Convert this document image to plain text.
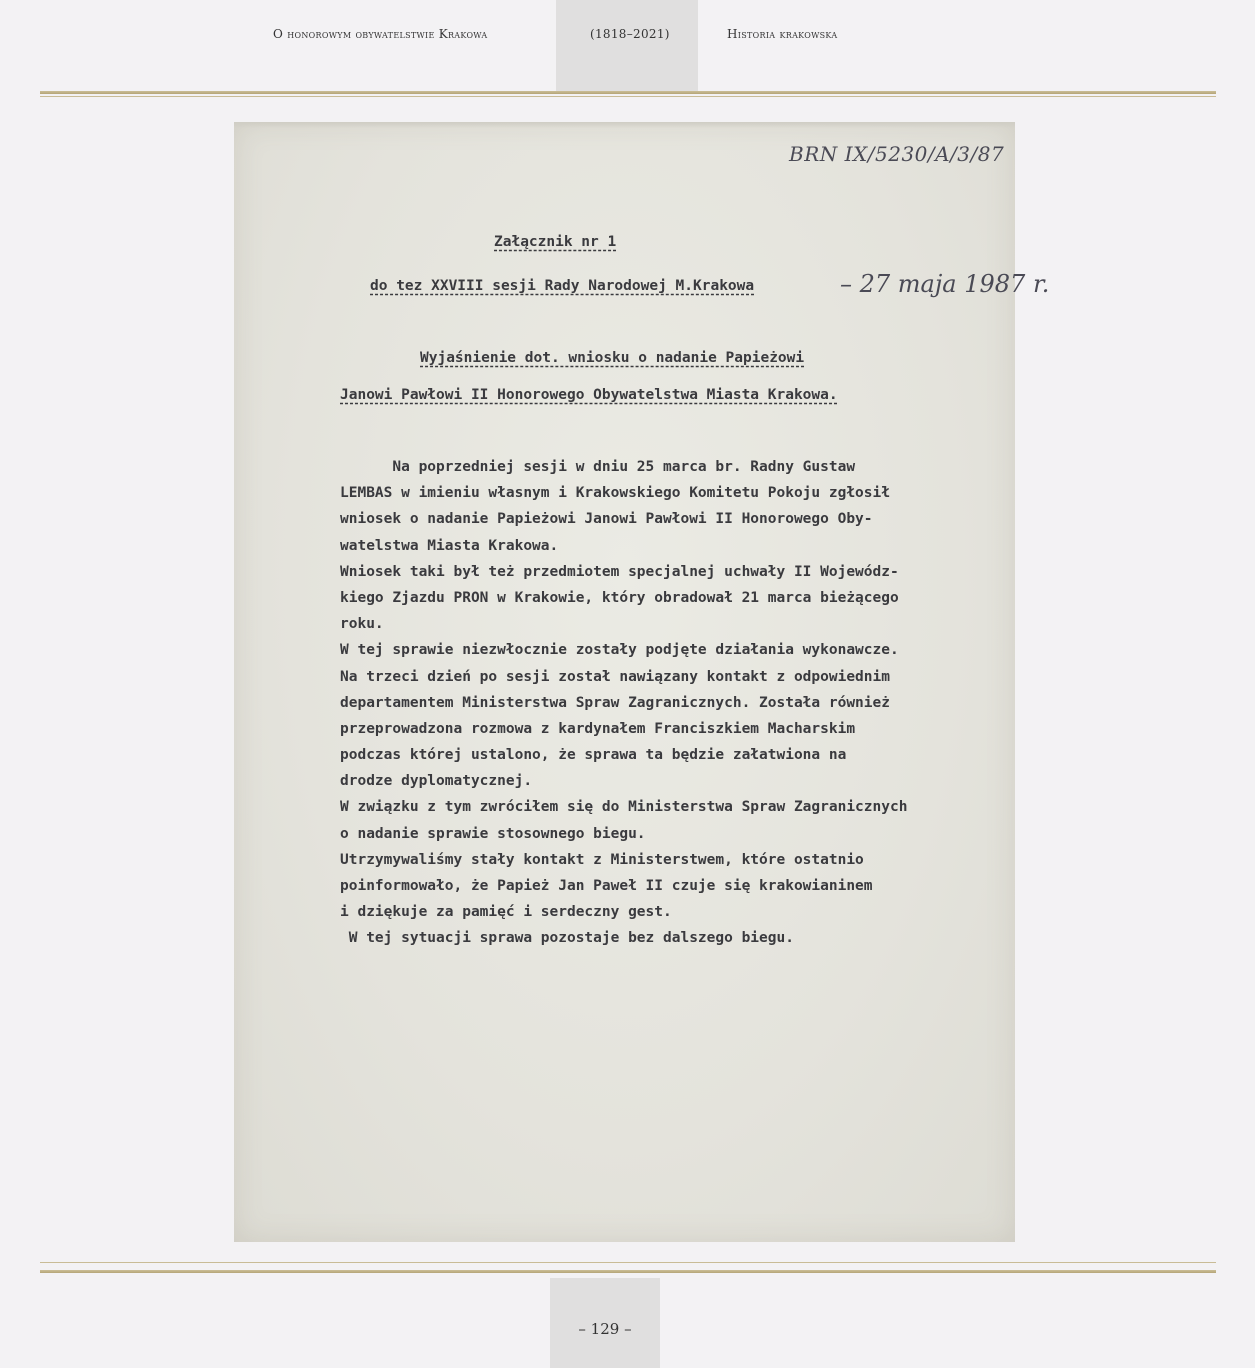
O honorowym obywatelstwie Krakowa	(1818–2021)	Historia krakowska
BRN IX/5230/A/3/87
Załącznik nr 1
do tez XXVIII sesji Rady Narodowej M.Krakowa	– 27 maja 1987 r.
Wyjaśnienie dot. wniosku o nadanie Papieżowi
Janowi Pawłowi II Honorowego Obywatelstwa Miasta Krakowa.
Na poprzedniej sesji w dniu 25 marca br. Radny Gustaw
LEMBAS w imieniu własnym i Krakowskiego Komitetu Pokoju zgłosił
wniosek o nadanie Papieżowi Janowi Pawłowi II Honorowego Oby-
watelstwa Miasta Krakowa.
Wniosek taki był też przedmiotem specjalnej uchwały II Wojewódz-
kiego Zjazdu PRON w Krakowie, który obradował 21 marca bieżącego
roku.
W tej sprawie niezwłocznie zostały podjęte działania wykonawcze.
Na trzeci dzień po sesji został nawiązany kontakt z odpowiednim
departamentem Ministerstwa Spraw Zagranicznych. Została również
przeprowadzona rozmowa z kardynałem Franciszkiem Macharskim
podczas której ustalono, że sprawa ta będzie załatwiona na
drodze dyplomatycznej.
W związku z tym zwróciłem się do Ministerstwa Spraw Zagranicznych
o nadanie sprawie stosownego biegu.
Utrzymywaliśmy stały kontakt z Ministerstwem, które ostatnio
poinformowało, że Papież Jan Paweł II czuje się krakowianinem
i dziękuje za pamięć i serdeczny gest.
W tej sytuacji sprawa pozostaje bez dalszego biegu.
– 129 –
